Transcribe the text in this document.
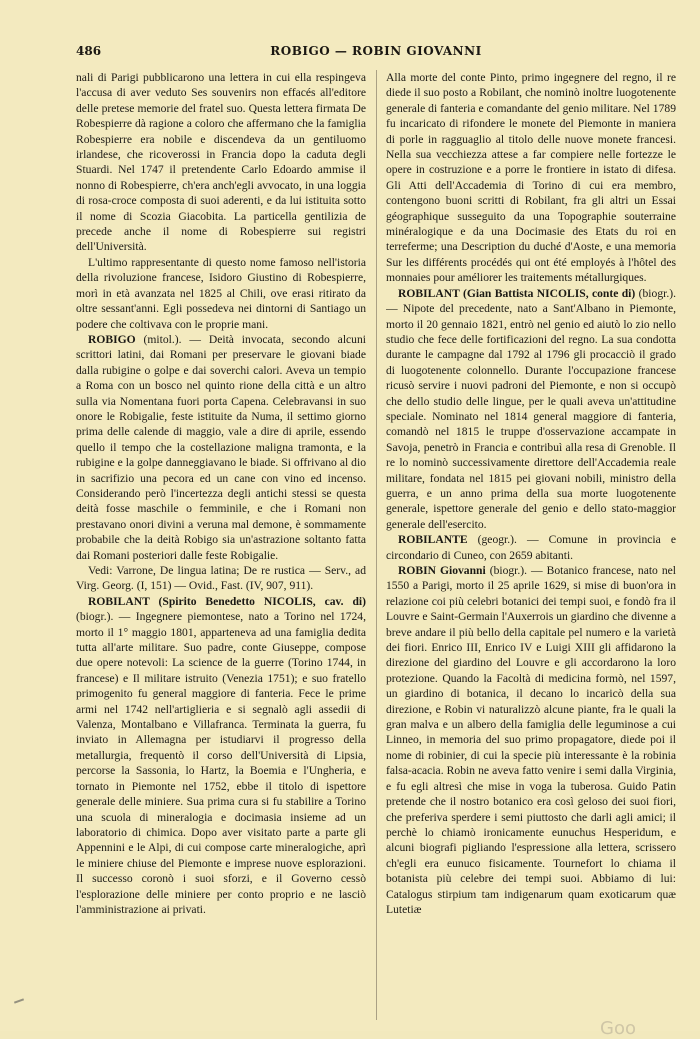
486	ROBIGO — ROBIN GIOVANNI

nali di Parigi pubblicarono una lettera in cui ella respingeva l'accusa di aver veduto Ses souvenirs non effacés all'editore delle pretese memorie del fratel suo. Questa lettera firmata De Robespierre dà ragione a coloro che affermano che la famiglia Robespierre era nobile e discendeva da un gentiluomo irlandese, che ricoverossi in Francia dopo la caduta degli Stuardi. Nel 1747 il pretendente Carlo Edoardo ammise il nonno di Robespierre, ch'era anch'egli avvocato, in una loggia di rosa-croce composta di suoi aderenti, e da lui istituita sotto il nome di Scozia Giacobita. La particella gentilizia de precede anche il nome di Robespierre sui registri dell'Università.

L'ultimo rappresentante di questo nome famoso nell'istoria della rivoluzione francese, Isidoro Giustino di Robespierre, morì in età avanzata nel 1825 al Chili, ove erasi ritirato da oltre sessant'anni. Egli possedeva nei dintorni di Santiago un podere che coltivava con le proprie mani.

ROBIGO (mitol.). — Deità invocata, secondo alcuni scrittori latini, dai Romani per preservare le giovani biade dalla rubigine o golpe e dai soverchi calori. Aveva un tempio a Roma con un bosco nel quinto rione della città e un altro sulla via Nomentana fuori porta Capena. Celebravansi in suo onore le Robigalie, feste istituite da Numa, il settimo giorno prima delle calende di maggio, vale a dire di aprile, essendo quello il tempo che la costellazione maligna tramonta, e la rubigine e la golpe danneggiavano le biade. Si offrivano al dio in sacrifizio una pecora ed un cane con vino ed incenso. Considerando però l'incertezza degli antichi stessi se questa deità fosse maschile o femminile, e che i Romani non prestavano onori divini a veruna mal demone, è sommamente probabile che la deità Robigo sia un'astrazione soltanto fatta dai Romani posteriori dalle feste Robigalie.

Vedi: Varrone, De lingua latina; De re rustica — Serv., ad Virg. Georg. (I, 151) — Ovid., Fast. (IV, 907, 911).

ROBILANT (Spirito Benedetto NICOLIS, cav. di) (biogr.). — Ingegnere piemontese, nato a Torino nel 1724, morto il 1° maggio 1801, apparteneva ad una famiglia dedita tutta all'arte militare. Suo padre, conte Giuseppe, compose due opere notevoli: La science de la guerre (Torino 1744, in francese) e Il militare istruito (Venezia 1751); e suo fratello primogenito fu general maggiore di fanteria. Fece le prime armi nel 1742 nell'artiglieria e si segnalò agli assedii di Valenza, Montalbano e Villafranca. Terminata la guerra, fu inviato in Allemagna per istudiarvi il progresso della metallurgia, frequentò il corso dell'Università di Lipsia, percorse la Sassonia, lo Hartz, la Boemia e l'Ungheria, e tornato in Piemonte nel 1752, ebbe il titolo di ispettore generale delle miniere. Sua prima cura si fu stabilire a Torino una scuola di mineralogia e docimasia insieme ad un laboratorio di chimica. Dopo aver visitato parte a parte gli Appennini e le Alpi, di cui compose carte mineralogiche, aprì le miniere chiuse del Piemonte e imprese nuove esplorazioni. Il successo coronò i suoi sforzi, e il Governo cessò l'esplorazione delle miniere per conto proprio e ne lasciò l'amministrazione ai privati.

Alla morte del conte Pinto, primo ingegnere del regno, il re diede il suo posto a Robilant, che nominò inoltre luogotenente generale di fanteria e comandante del genio militare. Nel 1789 fu incaricato di rifondere le monete del Piemonte in maniera di porle in ragguaglio al titolo delle nuove monete francesi. Nella sua vecchiezza attese a far compiere nelle fortezze le opere in costruzione e a porre le frontiere in istato di difesa. Gli Atti dell'Accademia di Torino di cui era membro, contengono buoni scritti di Robilant, fra gli altri un Essai géographique susseguito da una Topographie souterraine minéralogique e da una Docimasie des Etats du roi en terreferme; una Description du duché d'Aoste, e una memoria Sur les différents procédés qui ont été employés à l'hôtel des monnaies pour améliorer les traitements métallurgiques.

ROBILANT (Gian Battista NICOLIS, conte di) (biogr.). — Nipote del precedente, nato a Sant'Albano in Piemonte, morto il 20 gennaio 1821, entrò nel genio ed aiutò lo zio nello studio che fece delle fortificazioni del regno. La sua condotta durante le campagne dal 1792 al 1796 gli procacciò il grado di luogotenente colonnello. Durante l'occupazione francese ricusò servire i nuovi padroni del Piemonte, e non si occupò che dello studio delle lingue, per le quali aveva un'attitudine speciale. Nominato nel 1814 general maggiore di fanteria, comandò nel 1815 le truppe d'osservazione accampate in Savoja, penetrò in Francia e contribuì alla resa di Grenoble. Il re lo nominò successivamente direttore dell'Accademia reale militare, fondata nel 1815 pei giovani nobili, ministro della guerra, e un anno prima della sua morte luogotenente generale, ispettore generale del genio e dello stato-maggior generale dell'esercito.

ROBILANTE (geogr.). — Comune in provincia e circondario di Cuneo, con 2659 abitanti.

ROBIN Giovanni (biogr.). — Botanico francese, nato nel 1550 a Parigi, morto il 25 aprile 1629, si mise di buon'ora in relazione coi più celebri botanici dei tempi suoi, e fondò fra il Louvre e Saint-Germain l'Auxerrois un giardino che divenne a breve andare il più bello della capitale pel numero e la varietà dei fiori. Enrico III, Enrico IV e Luigi XIII gli affidarono la direzione del giardino del Louvre e gli accordarono la loro protezione. Quando la Facoltà di medicina formò, nel 1597, un giardino di botanica, il decano lo incaricò della sua direzione, e Robin vi naturalizzò alcune piante, fra le quali la gran malva e un albero della famiglia delle leguminose a cui Linneo, in memoria del suo primo propagatore, diede poi il nome di robinier, di cui la specie più interessante è la robinia falsa-acacia. Robin ne aveva fatto venire i semi dalla Virginia, e fu egli altresì che mise in voga la tuberosa. Guido Patin pretende che il nostro botanico era così geloso dei suoi fiori, che preferiva sperdere i semi piuttosto che darli agli amici; il perchè lo chiamò ironicamente eunuchus Hesperidum, e alcuni biografi pigliando l'espressione alla lettera, scrissero ch'egli era eunuco fisicamente. Tournefort lo chiama il botanista più celebre dei tempi suoi. Abbiamo di lui: Catalogus stirpium tam indigenarum quam exoticarum quæ Lutetiæ

Goo
